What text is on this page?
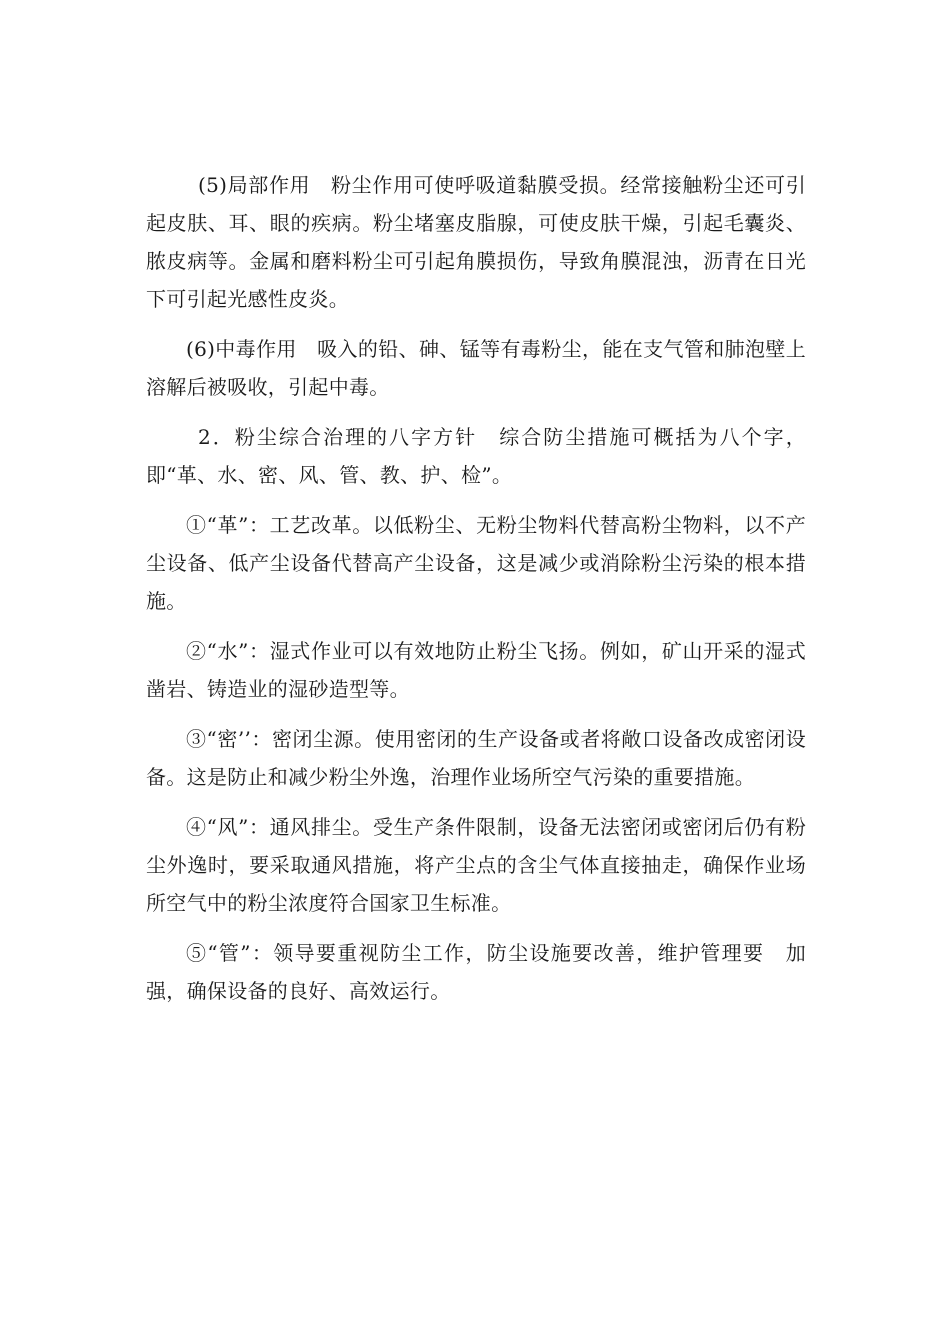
(5)局部作用　粉尘作用可使呼吸道黏膜受损。经常接触粉尘还可引起皮肤、耳、眼的疾病。粉尘堵塞皮脂腺，可使皮肤干燥，引起毛囊炎、脓皮病等。金属和磨料粉尘可引起角膜损伤，导致角膜混浊，沥青在日光下可引起光感性皮炎。

(6)中毒作用　吸入的铅、砷、锰等有毒粉尘，能在支气管和肺泡壁上溶解后被吸收，引起中毒。

2．粉尘综合治理的八字方针　综合防尘措施可概括为八个字，即“革、水、密、风、管、教、护、检”。

①“革”：工艺改革。以低粉尘、无粉尘物料代替高粉尘物料，以不产尘设备、低产尘设备代替高产尘设备，这是减少或消除粉尘污染的根本措施。

②“水”：湿式作业可以有效地防止粉尘飞扬。例如，矿山开采的湿式凿岩、铸造业的湿砂造型等。

③“密’’：密闭尘源。使用密闭的生产设备或者将敞口设备改成密闭设备。这是防止和减少粉尘外逸，治理作业场所空气污染的重要措施。

④“风”：通风排尘。受生产条件限制，设备无法密闭或密闭后仍有粉尘外逸时，要采取通风措施，将产尘点的含尘气体直接抽走，确保作业场所空气中的粉尘浓度符合国家卫生标准。

⑤“管”：领导要重视防尘工作，防尘设施要改善，维护管理要　加强，确保设备的良好、高效运行。
